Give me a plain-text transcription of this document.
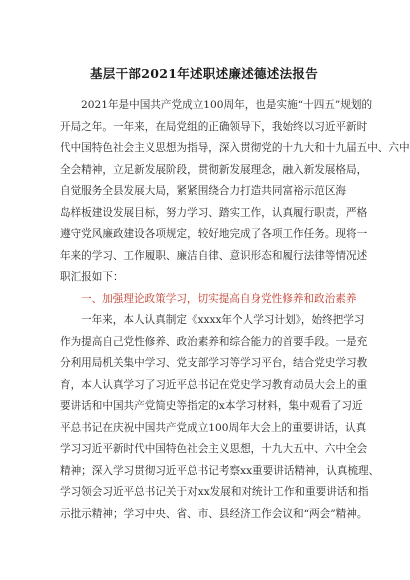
基层干部2021年述职述廉述德述法报告
2021年是中国共产党成立100周年，也是实施“十四五”规划的
开局之年。一年来，在局党组的正确领导下，我始终以习近平新时
代中国特色社会主义思想为指导，深入贯彻党的十九大和十九届五中、六中
全会精神，立足新发展阶段，贯彻新发展理念，融入新发展格局，
自觉服务全县发展大局，紧紧围绕合力打造共同富裕示范区海
岛样板建设发展目标，努力学习、踏实工作，认真履行职责，严格
遵守党风廉政建设各项规定，较好地完成了各项工作任务。现将一
年来的学习、工作履职、廉洁自律、意识形态和履行法律等情况述
职汇报如下：
一、加强理论政策学习，切实提高自身党性修养和政治素养
一年来，本人认真制定《xxxx年个人学习计划》，始终把学习
作为提高自己党性修养、政治素养和综合能力的首要手段。一是充
分利用局机关集中学习、党支部学习等学习平台，结合党史学习教
育，本人认真学习了习近平总书记在党史学习教育动员大会上的重
要讲话和中国共产党简史等指定的x本学习材料，集中观看了习近
平总书记在庆祝中国共产党成立100周年大会上的重要讲话，认真
学习习近平新时代中国特色社会主义思想，十九大五中、六中全会
精神；深入学习贯彻习近平总书记考察xx重要讲话精神，认真梳理、
学习领会习近平总书记关于对xx发展和对统计工作和重要讲话和指
示批示精神；学习中央、省、市、县经济工作会议和“两会”精神。
